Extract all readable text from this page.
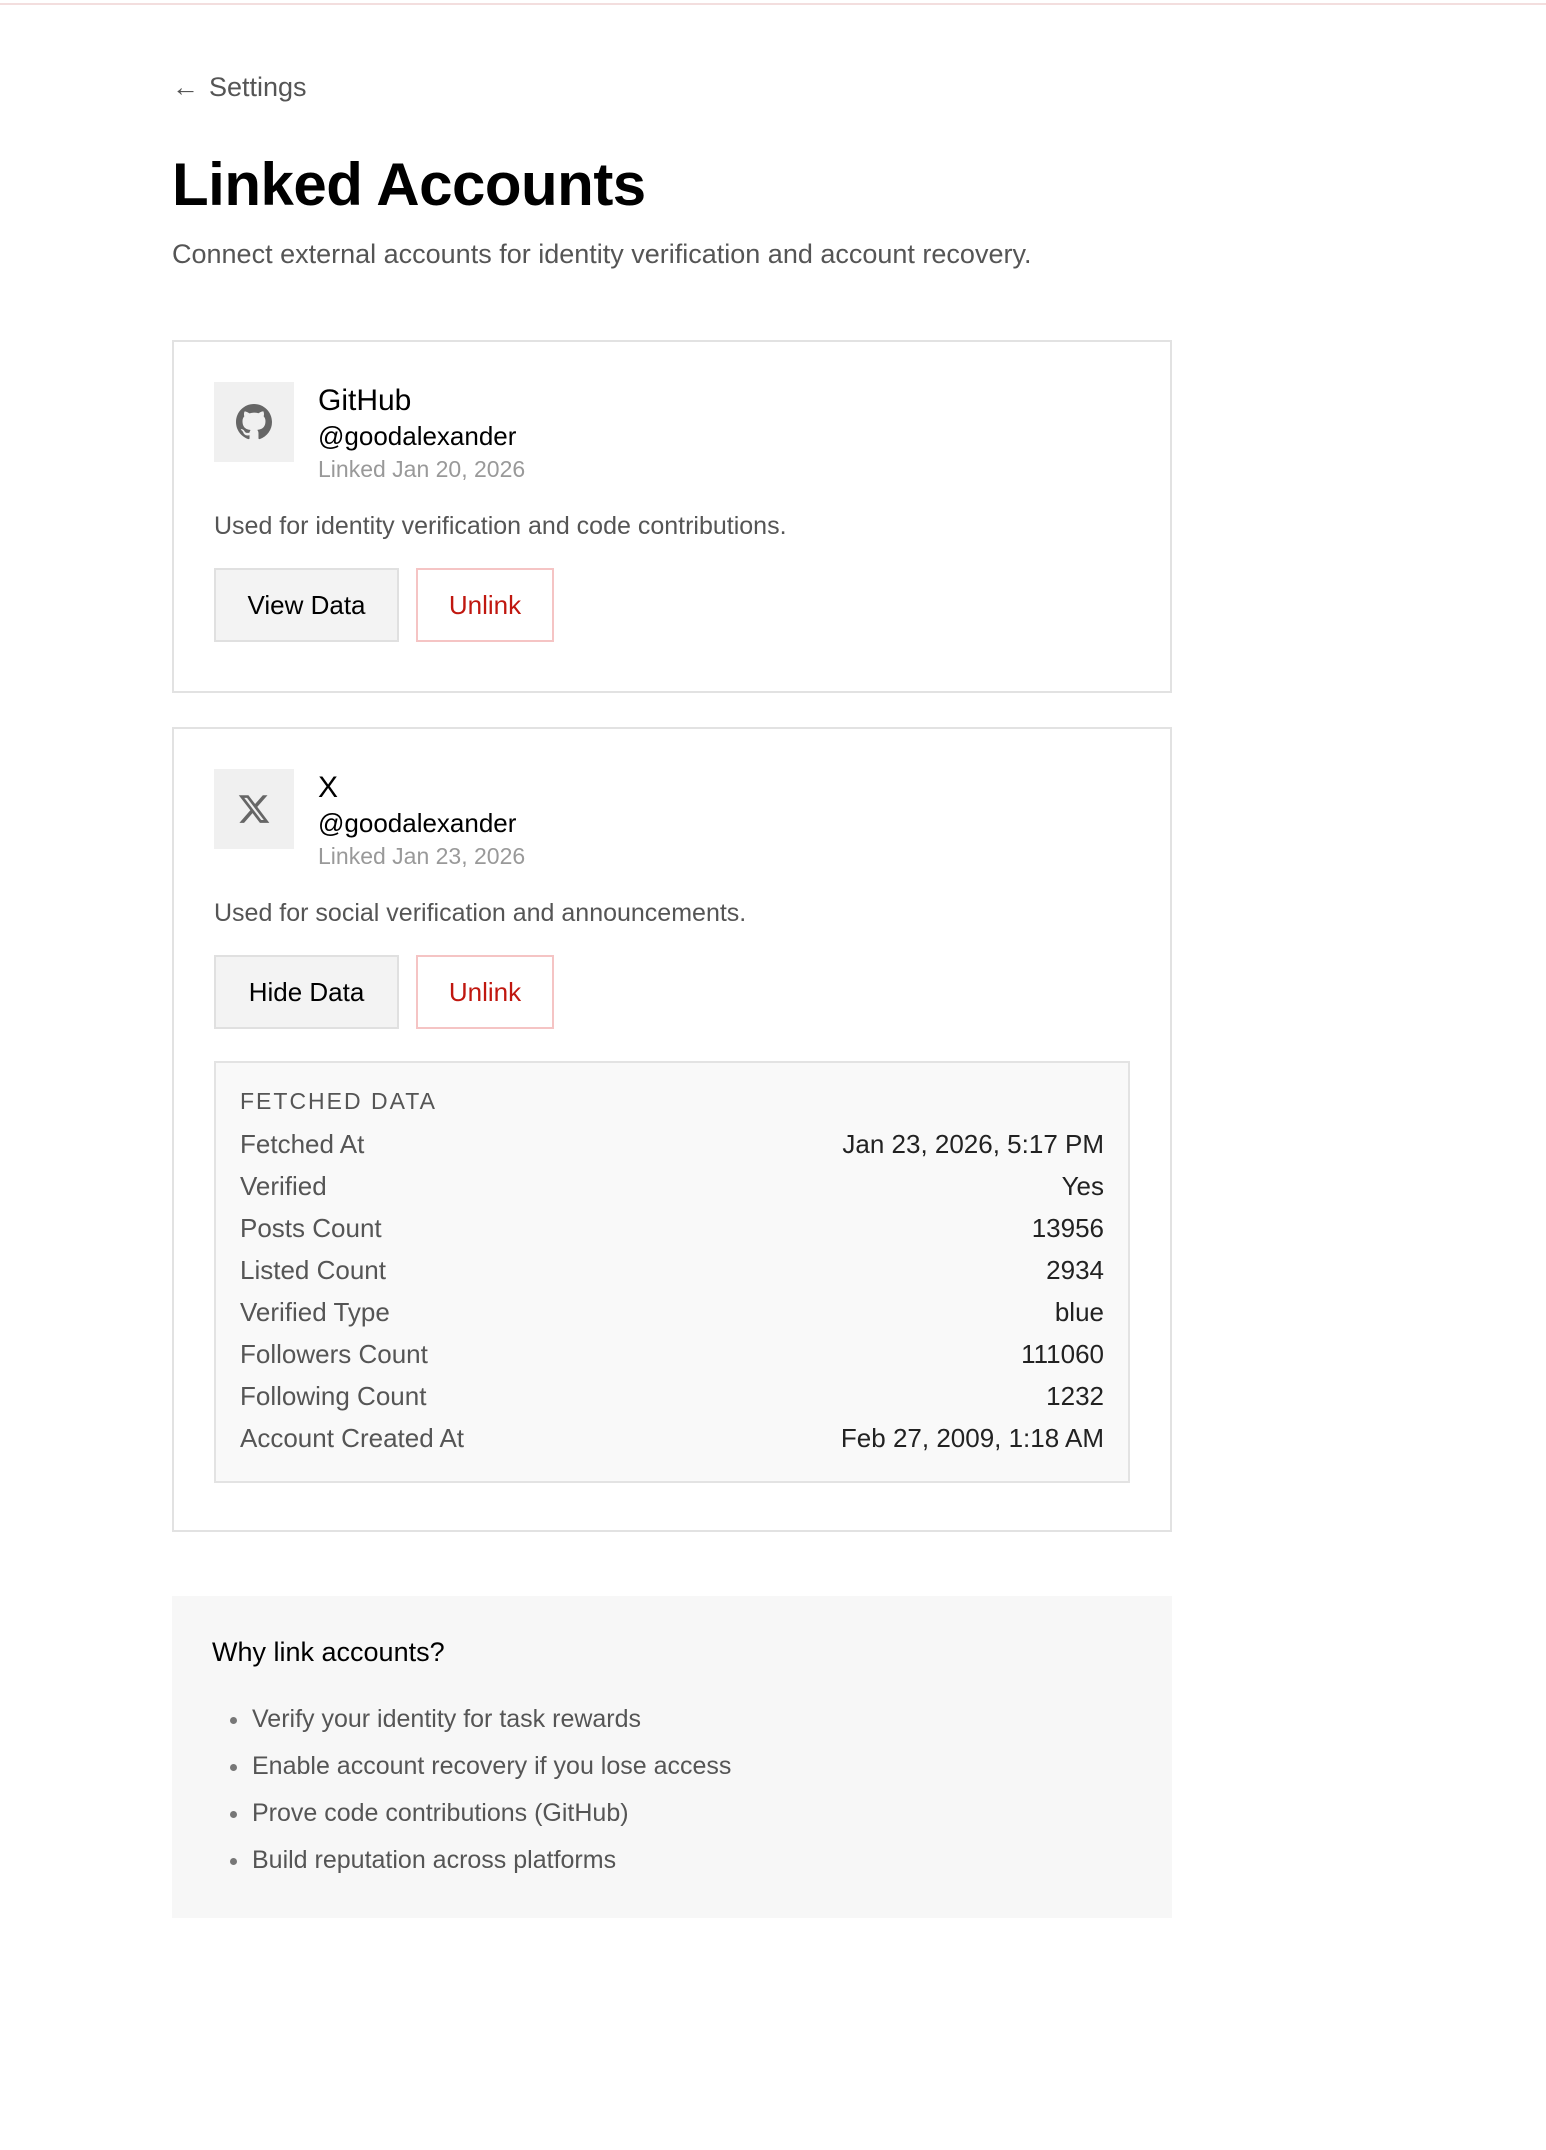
← Settings
Linked Accounts
Connect external accounts for identity verification and account recovery.
GitHub
@goodalexander
Linked Jan 20, 2026
Used for identity verification and code contributions.
View Data	Unlink
X
@goodalexander
Linked Jan 23, 2026
Used for social verification and announcements.
Hide Data	Unlink
FETCHED DATA
Fetched At	Jan 23, 2026, 5:17 PM
Verified	Yes
Posts Count	13956
Listed Count	2934
Verified Type	blue
Followers Count	111060
Following Count	1232
Account Created At	Feb 27, 2009, 1:18 AM
Why link accounts?
Verify your identity for task rewards
Enable account recovery if you lose access
Prove code contributions (GitHub)
Build reputation across platforms
